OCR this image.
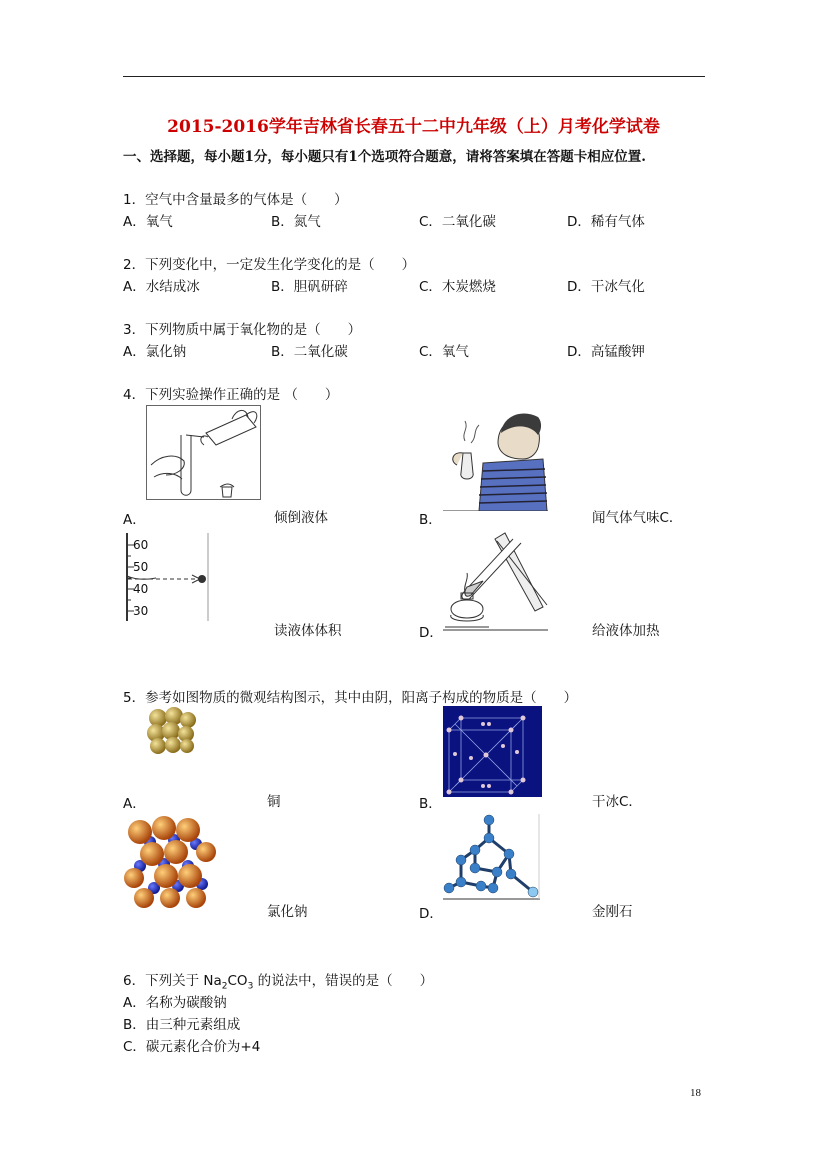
2015-2016学年吉林省长春五十二中九年级（上）月考化学试卷
一、选择题，每小题1分，每小题只有1个选项符合题意，请将答案填在答题卡相应位置.
1．空气中含量最多的气体是（　　）
A．氧气	B．氮气	C．二氧化碳	D．稀有气体
2．下列变化中，一定发生化学变化的是（　　）
A．水结成冰	B．胆矾研碎	C．木炭燃烧	D．干冰气化
3．下列物质中属于氧化物的是（　　）
A．氯化钠	B．二氧化碳	C．氧气	D．高锰酸钾
4．下列实验操作正确的是 （　　）
A．	倾倒液体	B．	闻气体气味C．
60
50
40
30
读液体体积	D．	给液体加热
5．参考如图物质的微观结构图示，其中由阴，阳离子构成的物质是（　　）
A．	铜	B．	干冰C．
氯化钠	D．	金刚石
6．下列关于 $Na_2CO_3$ 的说法中，错误的是（　　）
A．名称为碳酸钠
B．由三种元素组成
C．碳元素化合价为+4
18
